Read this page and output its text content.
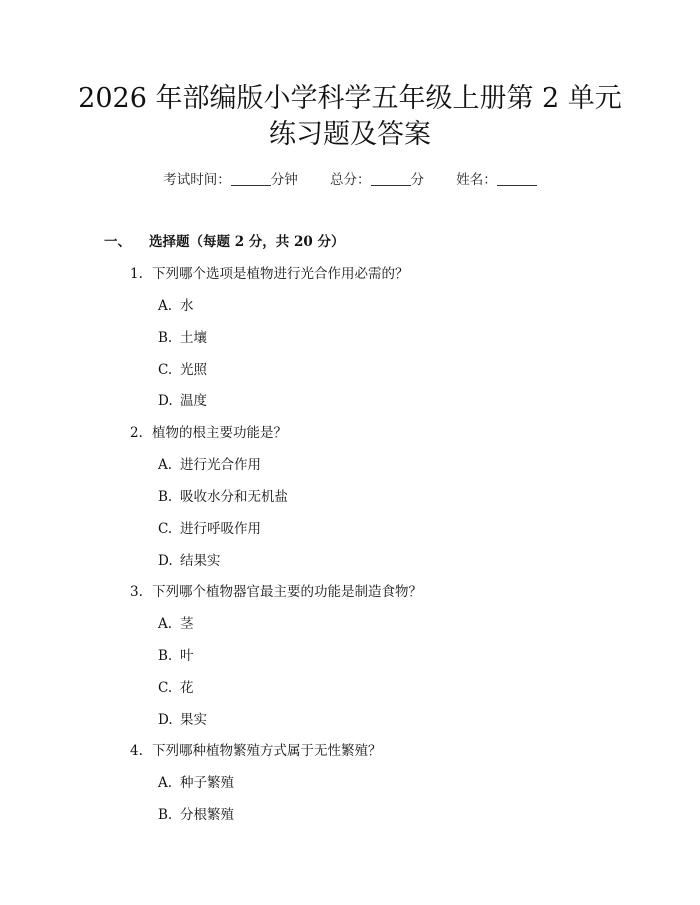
2026 年部编版小学科学五年级上册第 2 单元
练习题及答案
考试时间：	分钟 总分：	分 姓名：
一、 选择题（每题 2 分，共 20 分）
1. 下列哪个选项是植物进行光合作用必需的？
A. 水
B. 土壤
C. 光照
D. 温度
2. 植物的根主要功能是？
A. 进行光合作用
B. 吸收水分和无机盐
C. 进行呼吸作用
D. 结果实
3. 下列哪个植物器官最主要的功能是制造食物？
A. 茎
B. 叶
C. 花
D. 果实
4. 下列哪种植物繁殖方式属于无性繁殖？
A. 种子繁殖
B. 分根繁殖
